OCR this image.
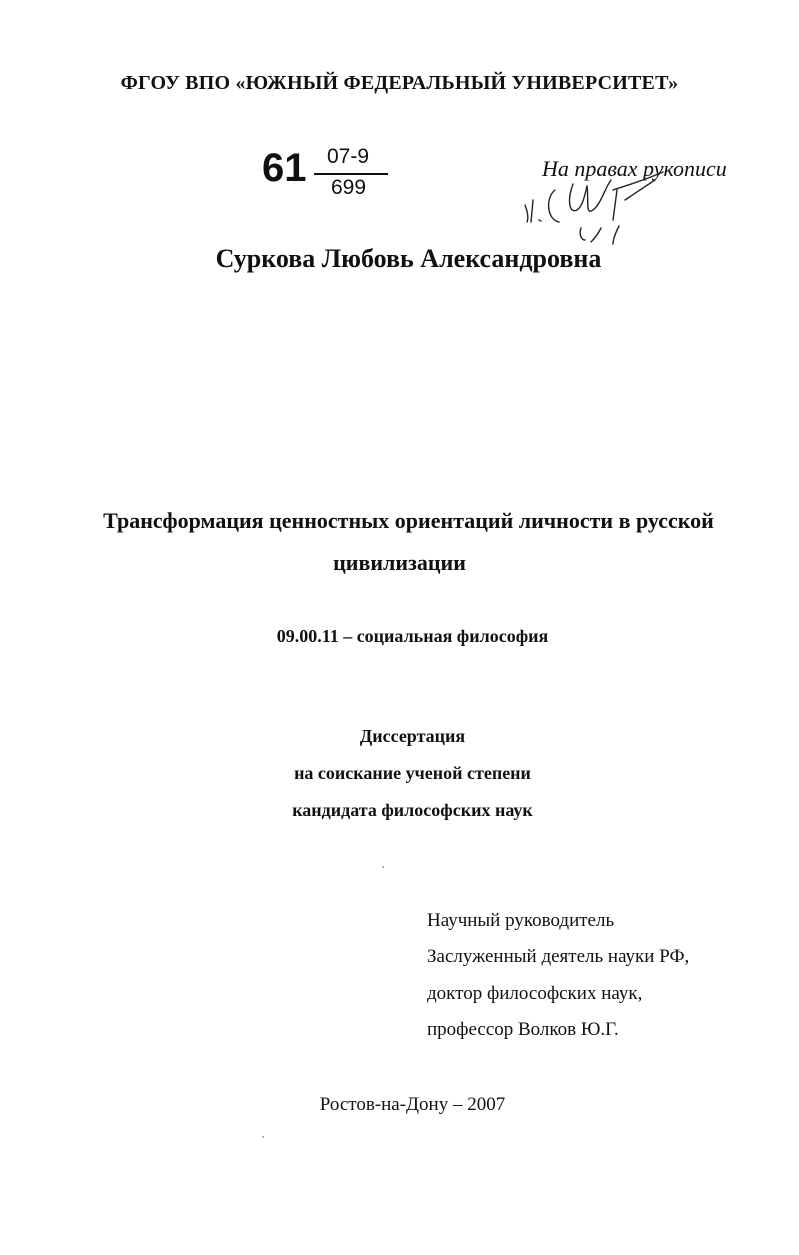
ФГОУ ВПО «ЮЖНЫЙ ФЕДЕРАЛЬНЫЙ УНИВЕРСИТЕТ»
61 07-9
699
На правах рукописи
Суркова Любовь Александровна
Трансформация ценностных ориентаций личности в русской
цивилизации
09.00.11 – социальная философия
Диссертация
на соискание ученой степени
кандидата философских наук
Научный руководитель
Заслуженный деятель науки РФ,
доктор философских наук,
профессор Волков Ю.Г.
Ростов-на-Дону – 2007
